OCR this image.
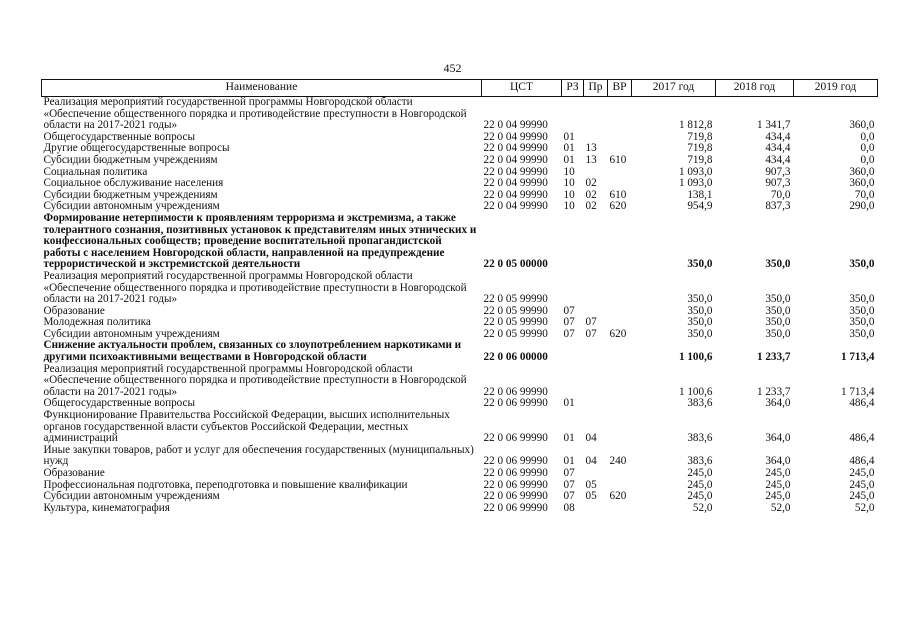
452
Наименование	ЦСТ	РЗ	Пр	ВР	2017 год	2018 год	2019 год
Реализация мероприятий государственной программы Новгородской области «Обеспечение общественного порядка и противодействие преступности в Новгородской области на 2017-2021 годы»	22 0 04 99990				1 812,8	1 341,7	360,0
Общегосударственные вопросы	22 0 04 99990	01			719,8	434,4	0,0
Другие общегосударственные вопросы	22 0 04 99990	01	13		719,8	434,4	0,0
Субсидии бюджетным учреждениям	22 0 04 99990	01	13	610	719,8	434,4	0,0
Социальная политика	22 0 04 99990	10			1 093,0	907,3	360,0
Социальное обслуживание населения	22 0 04 99990	10	02		1 093,0	907,3	360,0
Субсидии бюджетным учреждениям	22 0 04 99990	10	02	610	138,1	70,0	70,0
Субсидии автономным учреждениям	22 0 04 99990	10	02	620	954,9	837,3	290,0
Формирование нетерпимости к проявлениям терроризма и экстремизма, а также толерантного сознания, позитивных установок к представителям иных этнических и конфессиональных сообществ; проведение воспитательной пропагандистской работы с населением Новгородской области, направленной на предупреждение террористической и экстремистской деятельности	22 0 05 00000				350,0	350,0	350,0
Реализация мероприятий государственной программы Новгородской области «Обеспечение общественного порядка и противодействие преступности в Новгородской области на 2017-2021 годы»	22 0 05 99990				350,0	350,0	350,0
Образование	22 0 05 99990	07			350,0	350,0	350,0
Молодежная политика	22 0 05 99990	07	07		350,0	350,0	350,0
Субсидии автономным учреждениям	22 0 05 99990	07	07	620	350,0	350,0	350,0
Снижение актуальности проблем, связанных со злоупотреблением наркотиками и другими психоактивными веществами в Новгородской области	22 0 06 00000				1 100,6	1 233,7	1 713,4
Реализация мероприятий государственной программы Новгородской области «Обеспечение общественного порядка и противодействие преступности в Новгородской области на 2017-2021 годы»	22 0 06 99990				1 100,6	1 233,7	1 713,4
Общегосударственные вопросы	22 0 06 99990	01			383,6	364,0	486,4
Функционирование Правительства Российской Федерации, высших исполнительных органов государственной власти субъектов Российской Федерации, местных администраций	22 0 06 99990	01	04		383,6	364,0	486,4
Иные закупки товаров, работ и услуг для обеспечения государственных (муниципальных) нужд	22 0 06 99990	01	04	240	383,6	364,0	486,4
Образование	22 0 06 99990	07			245,0	245,0	245,0
Профессиональная подготовка, переподготовка и повышение квалификации	22 0 06 99990	07	05		245,0	245,0	245,0
Субсидии автономным учреждениям	22 0 06 99990	07	05	620	245,0	245,0	245,0
Культура, кинематография	22 0 06 99990	08			52,0	52,0	52,0
